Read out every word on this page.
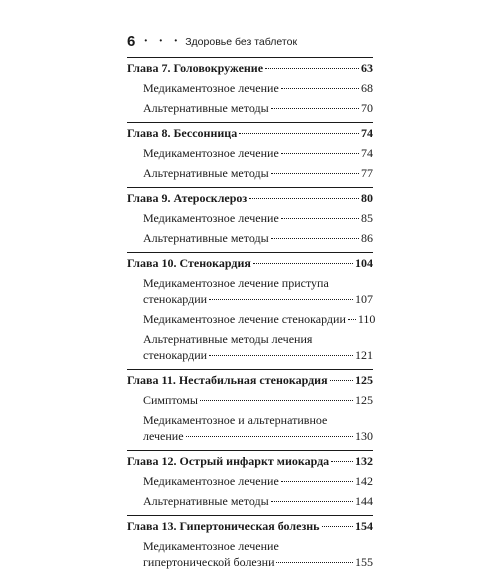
6 • • • Здоровье без таблеток
Глава 7. Головокружение	63
Медикаментозное лечение	68
Альтернативные методы	70
Глава 8. Бессонница	74
Медикаментозное лечение	74
Альтернативные методы	77
Глава 9. Атеросклероз	80
Медикаментозное лечение	85
Альтернативные методы	86
Глава 10. Стенокардия	104
Медикаментозное лечение приступа
стенокардии	107
Медикаментозное лечение стенокардии 110
Альтернативные методы лечения
стенокардии	121
Глава 11. Нестабильная стенокардия 125
Симптомы	125
Медикаментозное и альтернативное
лечение	130
Глава 12. Острый инфаркт миокарда 132
Медикаментозное лечение	142
Альтернативные методы	144
Глава 13. Гипертоническая болезнь	154
Медикаментозное лечение
гипертонической болезни	155
